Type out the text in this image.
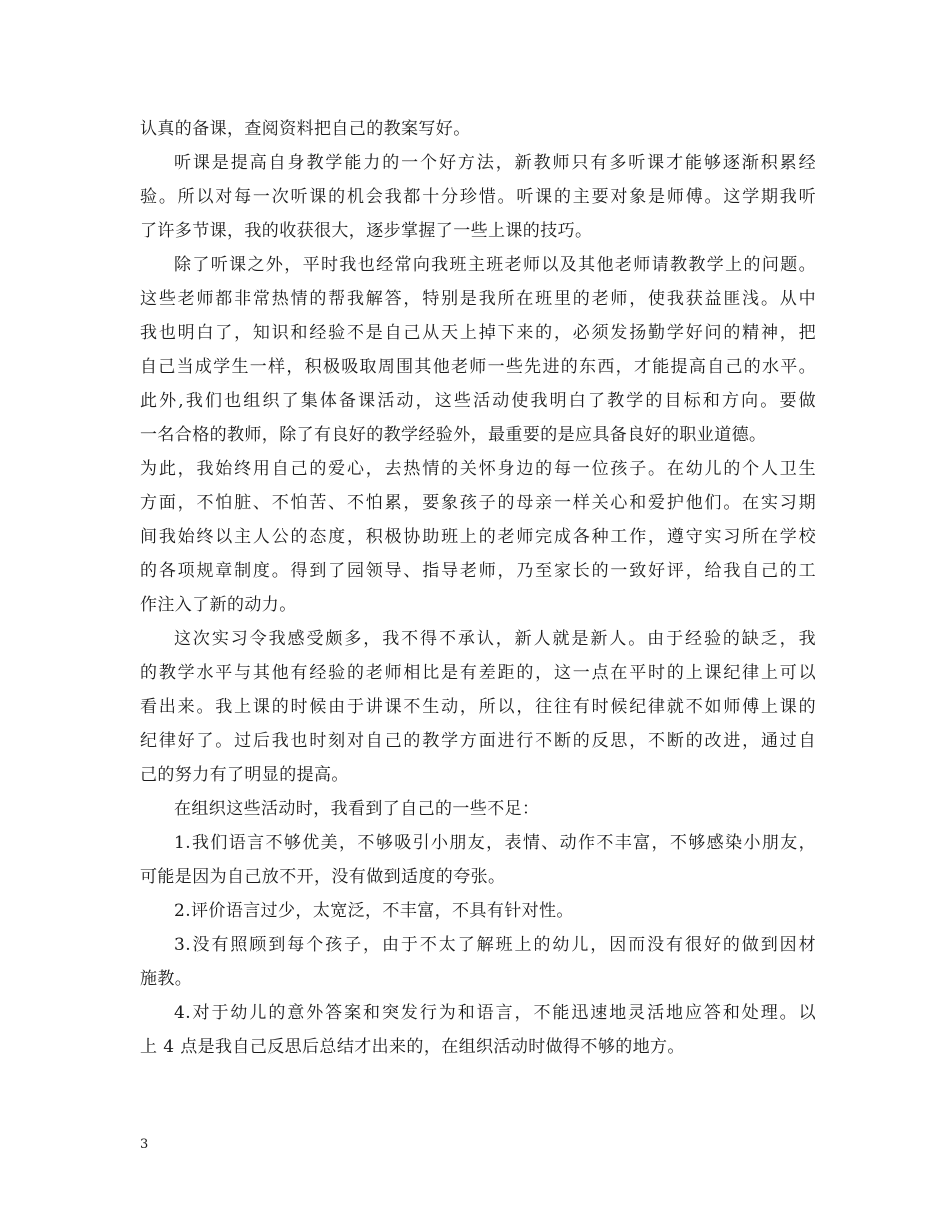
认真的备课，查阅资料把自己的教案写好。
听课是提高自身教学能力的一个好方法，新教师只有多听课才能够逐渐积累经
验。所以对每一次听课的机会我都十分珍惜。听课的主要对象是师傅。这学期我听
了许多节课，我的收获很大，逐步掌握了一些上课的技巧。
除了听课之外，平时我也经常向我班主班老师以及其他老师请教教学上的问题。
这些老师都非常热情的帮我解答，特别是我所在班里的老师，使我获益匪浅。从中
我也明白了，知识和经验不是自己从天上掉下来的，必须发扬勤学好问的精神，把
自己当成学生一样，积极吸取周围其他老师一些先进的东西，才能提高自己的水平。
此外,我们也组织了集体备课活动，这些活动使我明白了教学的目标和方向。要做
一名合格的教师，除了有良好的教学经验外，最重要的是应具备良好的职业道德。
为此，我始终用自己的爱心，去热情的关怀身边的每一位孩子。在幼儿的个人卫生
方面，不怕脏、不怕苦、不怕累，要象孩子的母亲一样关心和爱护他们。在实习期
间我始终以主人公的态度，积极协助班上的老师完成各种工作，遵守实习所在学校
的各项规章制度。得到了园领导、指导老师，乃至家长的一致好评，给我自己的工
作注入了新的动力。
这次实习令我感受颇多，我不得不承认，新人就是新人。由于经验的缺乏，我
的教学水平与其他有经验的老师相比是有差距的，这一点在平时的上课纪律上可以
看出来。我上课的时候由于讲课不生动，所以，往往有时候纪律就不如师傅上课的
纪律好了。过后我也时刻对自己的教学方面进行不断的反思，不断的改进，通过自
己的努力有了明显的提高。
在组织这些活动时，我看到了自己的一些不足：
1.我们语言不够优美，不够吸引小朋友，表情、动作不丰富，不够感染小朋友，
可能是因为自己放不开，没有做到适度的夸张。
2.评价语言过少，太宽泛，不丰富，不具有针对性。
3.没有照顾到每个孩子，由于不太了解班上的幼儿，因而没有很好的做到因材
施教。
4.对于幼儿的意外答案和突发行为和语言，不能迅速地灵活地应答和处理。以
上 4 点是我自己反思后总结才出来的，在组织活动时做得不够的地方。
3
